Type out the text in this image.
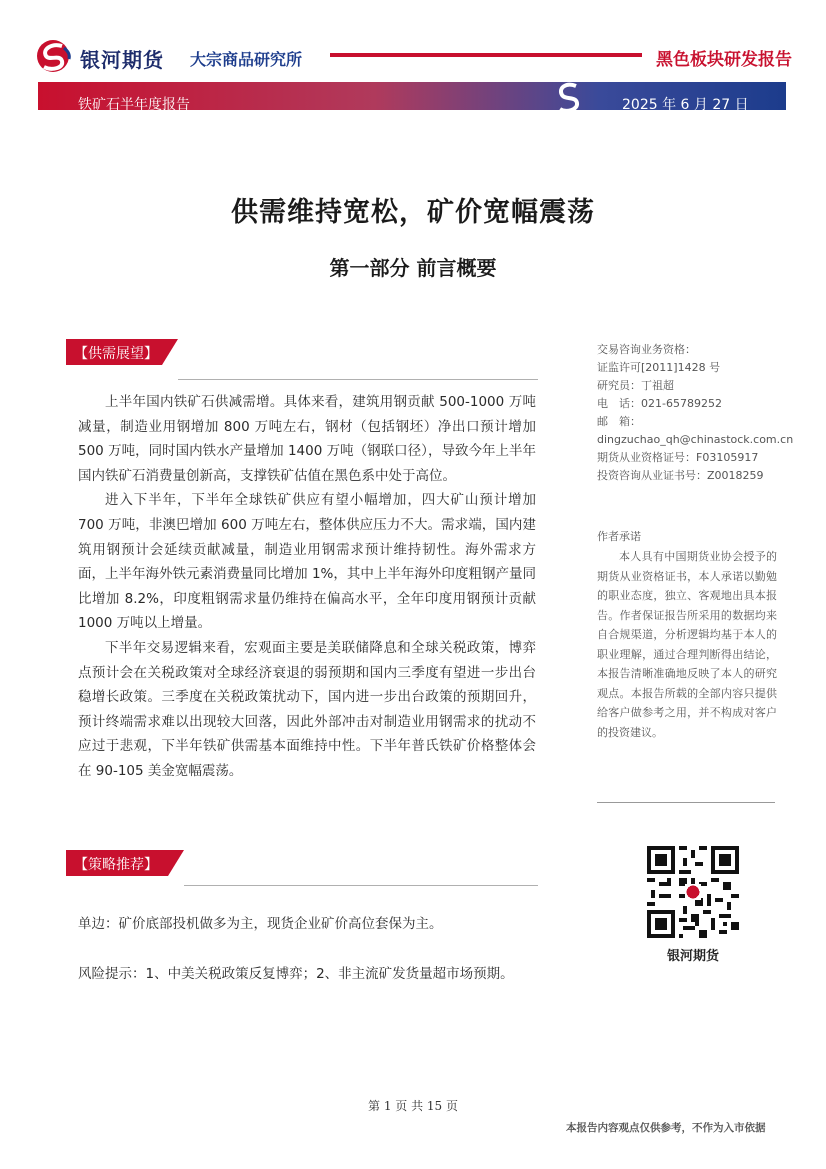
银河期货 大宗商品研究所	黑色板块研发报告
铁矿石半年度报告	2025 年 6 月 27 日
供需维持宽松，矿价宽幅震荡
第一部分 前言概要
【供需展望】

上半年国内铁矿石供减需增。具体来看，建筑用钢贡献 500-1000 万吨减量，制造业用钢增加 800 万吨左右，钢材（包括钢坯）净出口预计增加 500 万吨，同时国内铁水产量增加 1400 万吨（钢联口径），导致今年上半年国内铁矿石消费量创新高，支撑铁矿估值在黑色系中处于高位。

进入下半年，下半年全球铁矿供应有望小幅增加，四大矿山预计增加 700 万吨，非澳巴增加 600 万吨左右，整体供应压力不大。需求端，国内建筑用钢预计会延续贡献减量，制造业用钢需求预计维持韧性。海外需求方面，上半年海外铁元素消费量同比增加 1%，其中上半年海外印度粗钢产量同比增加 8.2%，印度粗钢需求量仍维持在偏高水平，全年印度用钢预计贡献 1000 万吨以上增量。

下半年交易逻辑来看，宏观面主要是美联储降息和全球关税政策，博弈点预计会在关税政策对全球经济衰退的弱预期和国内三季度有望进一步出台稳增长政策。三季度在关税政策扰动下，国内进一步出台政策的预期回升，预计终端需求难以出现较大回落，因此外部冲击对制造业用钢需求的扰动不应过于悲观，下半年铁矿供需基本面维持中性。下半年普氏铁矿价格整体会在 90-105 美金宽幅震荡。

【策略推荐】
单边：矿价底部投机做多为主，现货企业矿价高位套保为主。
风险提示：1、中美关税政策反复博弈；2、非主流矿发货量超市场预期。
交易咨询业务资格：
证监许可[2011]1428 号
研究员：丁祖超
电　话：021-65789252
邮　箱：
dingzuchao_qh@chinastock.com.cn
期货从业资格证号：F03105917
投资咨询从业证书号：Z0018259
作者承诺
本人具有中国期货业协会授予的期货从业资格证书，本人承诺以勤勉的职业态度，独立、客观地出具本报告。作者保证报告所采用的数据均来自合规渠道，分析逻辑均基于本人的职业理解，通过合理判断得出结论，本报告清晰准确地反映了本人的研究观点。本报告所载的全部内容只提供给客户做参考之用，并不构成对客户的投资建议。
银河期货
第 1 页 共 15 页
本报告内容观点仅供参考，不作为入市依据
